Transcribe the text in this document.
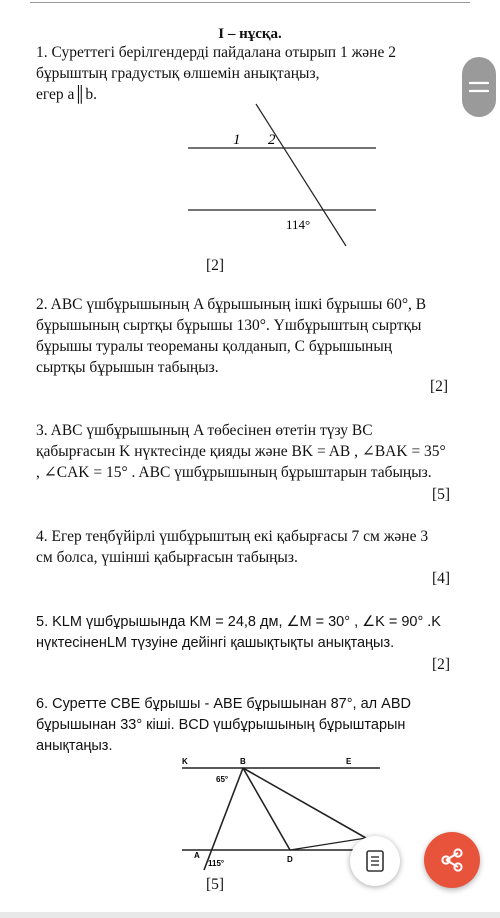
I – нұсқа.
1. Суреттегі берілгендерді пайдалана отырып 1 және 2
бұрыштың градустық өлшемін анықтаңыз,
егер a║b.
1 2
114°
[2]
2. ABC үшбұрышының A бұрышының ішкі бұрышы 60°, B
бұрышының сыртқы бұрышы 130°. Үшбұрыштың сыртқы
бұрышы туралы теореманы қолданып, C бұрышының
сыртқы бұрышын табыңыз.
[2]
3. ABC үшбұрышының A төбесінен өтетін түзу BC
қабырғасын K нүктесінде қияды және BK = AB , ∠BAK = 35°
, ∠CAK = 15° . ABC үшбұрышының бұрыштарын табыңыз.
[5]
4. Егер теңбүйірлі үшбұрыштың екі қабырғасы 7 см және 3
см болса, үшінші қабырғасын табыңыз.
[4]
5. KLM үшбұрышында KM = 24,8 дм, ∠M = 30° , ∠K = 90° .K
нүктесіненLM түзуіне дейінгі қашықтықты анықтаңыз.
[2]
6. Суретте CBE бұрышы - ABE бұрышынан 87°, ал ABD
бұрышынан 33° кіші. BCD үшбұрышының бұрыштарын
анықтаңыз.
K	B	E
A	D
65°
115°
[5]
